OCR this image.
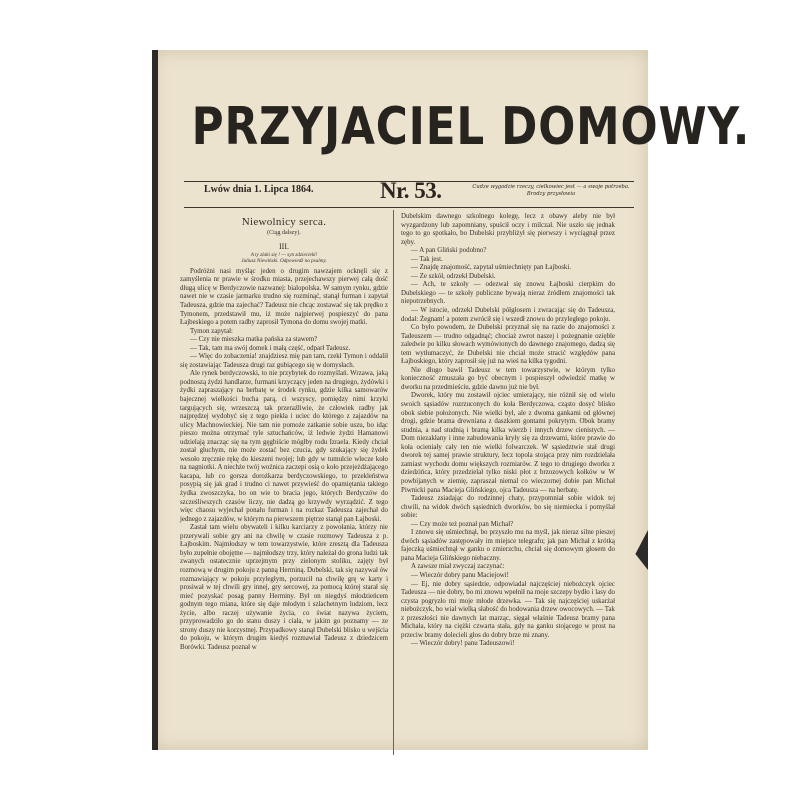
PRZYJACIEL DOMOWY.
Lwów dnia 1. Lipca 1864.	Nr. 53.	Cudze wygodzie rzeczy, cielkowiec jest — a swoje potrzeba.
Brodzy przysłowia
Niewolnicy serca.
(Ciąg dalszy).
III.
A ty zlaki się ! — syn zdziecieki!
Juliusz Niewiński. Odpowiedź na psalmy.

Podróżni nasi myśląc jeden o drugim nawzajem ocknęli się z zamyślenia nr prawie w środku miasta, przejechawszy pierwej całą dość długą ulicę w Berdyczowie nazwanej: bialopolska. W samym rynku, gdzie nawet nie w czasie jarmarku trudno się rozminąć, stanął furman i zapytał Tadeusza, gdzie ma zajechać? Tadeusz nie chcąc zostawać się tak prędko z Tymonem, przedstawił mu, iż może najpierwej pospieszyć do pana Łajbeskiego a potem radby zaprosił Tymona do domu swojej matki.

Tymon zapytał:

— Czy nie mieszka matka pańska za stawem?

— Tak, tam ma swój domek i małą część, odparł Tadeusz.

— Więc do zobaczenia! znajdziesz mię pan tam, rzekł Tymon i oddalił się zostawiając Tadeusza drugi raz gubiącego się w domysłach.

Ale rynek berdyczowski, to nie przybytek do rozmyślań. Wrzawa, jaką podnoszą żydzi handlarze, furmani krzyczący jeden na drugiego, żydówki i żydki zapraszający na herbatę w środek rynku, gdzie kilka samowarów bajecznej wielkości bucha parą, ci wszyscy, pomiędzy nimi krzyki targujących się, wrzeszczą tak przeraźliwie, że człowiek radby jak najprędzej wydobyć się z tego piekła i uciec do którego z zajazdów na ulicy Machnowieckiej. Nie tam nie pomoże zatkanie sobie uszu, bo idąc pieszo można otrzymać tyle sztuchańców, iż ledwie żydzi Hamanowi udzielają znacząc się na tym gęgbiście mógłby rodu Izraela. Kiedy chciał został gluchym, nie może zostać bez czucia, gdy szukający się żydek wesoło zręcznie rękę do kieszeni twojej; lub gdy w tumulcie wlecze koło na nagniotki. A niechże twój woźnica zaczepi osią o koło przejeżdżającego kacapa, lub co gorsza dorożkarza berdyczowskiego, to przekleństwa posypią się jak grad i trudno ci nawet przywieść do opamiętania takiego żydka zwoszczyka, bo on wie to bracia jego, których Berdyczów do szcześliwszych czasów liczy, nie dadzą go krzywdy wyrządzić. Z tego więc chaosu wyjechał ponału furman i na rozkaz Tadeusza zajechał do jednego z zajazdów, w którym na pierwszem piętrze stanął pan Łajboski.

Zastał tam wielu obywateli i kilku karciarzy z powołania, którzy nie przerywali sobie gry ani na chwilę w czasie rozmowy Tadeusza z p. Łajboskim. Najmłodszy w tem towarzystwie, które zresztą dla Tadeusza było zupełnie obojętne — najmłodszy trzy, który należał do grona ludzi tak zwanych ostatecznie uprzejmym przy zielonym stoliku, zajęty był rozmową w drugim pokoju z panną Herminą. Dubelski, tak się nazywał ów rozmawiający w pokoju przyległym, porzucił na chwilę grę w karty i prosiwał w tej chwili gry innej, gry sercowej, za pomocą której starał się mieć pozyskać posag panny Herminy. Był on niegdyś młodzieńcem godnym tego miana, które się dąje młodym i szlachetnym ludziom, lecz życie, albo raczej używanie życia, co świat nazywa życiem, przyprowadziło go do stanu duszy i ciała, w jakim go poznamy — ze strony duszy nie korzystnej. Przypadkowy stanął Dubelski blisko u wejścia do pokoju, w którym drugim kiedyś rozmawiał Tadeusz z dziedzicem Borówki. Tadeusz poznał w

Dubelskim dawnego szkolnego kolegę, lecz z obawy aleby nie był wyzgardzony lub zapomniany, spuścił oczy i milczał. Nie uszło się jednak tego to go spotkało, bo Dubelski przybliżył się pierwszy i wyciągnął przez zęby.

— A pan Gliński podobno?

— Tak jest.

— Znajdę znajomość, zapytał uśmiechnięty pan Łajboski.

— Ze szkół, odrzekł Dubelski.

— Ach, te szkoły — odezwał się znowu Łajboski cierpkim do Dubelskiego — te szkoły publiczne bywają nieraz źródłem znajomości tak niepotrzebnych.

— W istocie, odrzekł Dubelski półgłosem i zwracając się do Tadeusza, dodał: Żegnam! a potem zwrócił się i wszedł znowu do przyległego pokoju.

Co było powodem, że Dubelski przyznał się na razie do znajomości z Tadeuszem — trudno odgadnąć; chociaż zwrot naszej i pożegnanie ozięble zaledwie po kilku słowach wymówionych do dawnego znajomego, dadzą się tem wytłumaczyć, że Dubelski nie chciał może stracić względów pana Łajboskiego, który zaprosił się już na wieś na kilka tygodni.

Nie długo bawił Tadeusz w tem towarzystwie, w którym tylko konieczność zmuszała go być obecnym i pospieszył odwiedzić matkę w dworku na przedmieściu, gdzie dawno już nie był.

Dworek, który mu zostawił ojciec umierający, nie różnił się od wielu swoich sąsiadów rozrzuconych do koła Berdyczowa, cząsto dosyć blisko obok siebie położonych. Nie wielki był, ale z dwoma gankami od głównej drogi, gdzie brama drewniana z daszkiem gontami pokrytym. Obok bramy studnia, a nad studnią i bramą kilka wierzb i innych drzew cienistych. — Dom niezakłany i inne zabudowania kryły się za drzewami, które prawie do koła ocieniały cały ten nie wielki folwarczek. W sąsiedztwie stał drugi dworek tej samej prawie struktury, lecz topola stojąca przy nim rozdzielała zamiast wychodu domu większych rozmiarów. Z tego to drugiego dworku z dziedzińca, który przedzielał tylko niski płot z brzozowych kołków w W powbijanych w ziemię, zapraszał niemal co wieczornej dobie pan Michał Piwnicki pana Macieja Glińskiego, ojca Tadeusza — na herbatę.

Tadeusz zsiadając do rodzinnej chaty, przypomniał sobie widok tej chwili, na widok dwóch sąsiednich dworków, bo się niemiecka i pomyślał sobie:

— Czy może też poznał pan Michał?

I znowu się uśmiechnął, bo przyszło mu na myśl, jak nieraz silne pieszej dwóch sąsiadów zastępowały im miejsce telegrafu; jak pan Michał z krótką fajeczką uśmiechnął w ganku o zmierzchu, chciał się domowym głosem do pana Macieja Glińskiego niebaczny.

A zawsze miał zwyczaj zaczynać:

— Wieczór dobry panu Maciejowi!

— Ej, nie dobry sąsiedzie, odpowiadał najczęściej niebożczyk ojciec Tadeusza — nie dobry, bo mi znowu wpełnił na moje szczepy bydło i lasy do czysta pogryzło mi moje młode drzewka. — Tak się najczęściej uskarżał niebożczyk, bo wiał wielką słabość do hodowania drzew owocowych. — Tak z przeszłości nie dawnych lat marząc, sięgał właśnie Tadeusz bramy pana Michała, który na ciężki czwarta stała, gdy na ganku stojącego w prost na przeciw bramy dolecieli głos do dobry brze mi znany.

— Wieczór dobry! panu Tadeuszowi!
